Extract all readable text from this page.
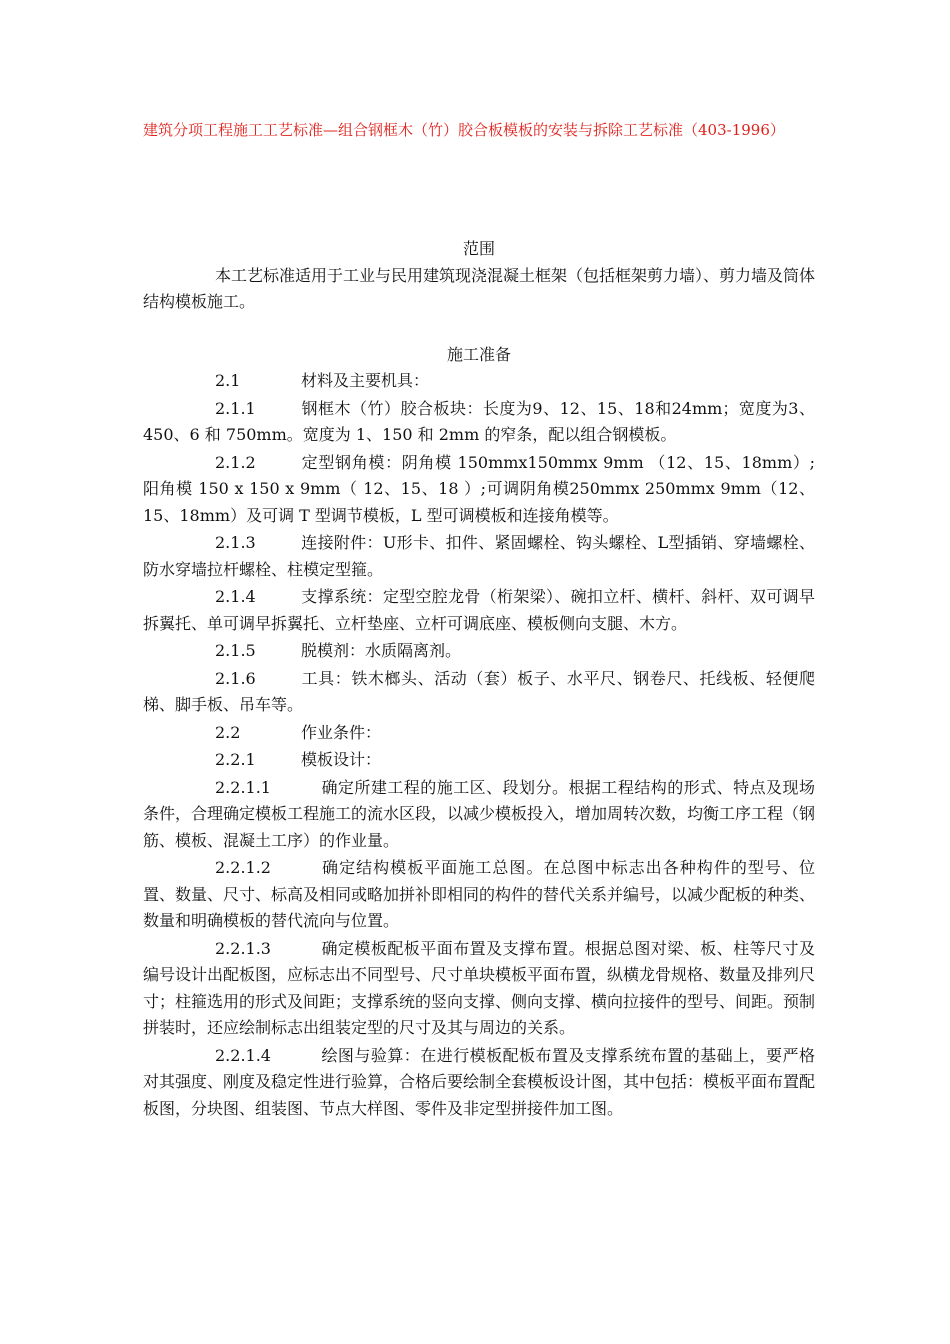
建筑分项工程施工工艺标准—组合钢框木（竹）胶合板模板的安装与拆除工艺标准（403-1996）

范围

本工艺标准适用于工业与民用建筑现浇混凝土框架（包括框架剪力墙）、剪力墙及筒体结构模板施工。

施工准备

2.1	材料及主要机具：

2.1.1	钢框木（竹）胶合板块：长度为9、12、15、18和24mm；宽度为3、450、6 和 750mm。宽度为 1、150 和 2mm 的窄条，配以组合钢模板。

2.1.2	定型钢角模：阴角模 150mmx150mmx 9mm （12、15、18mm）;阳角模 150 x 150 x 9mm（ 12、15、18 ）;可调阴角模250mmx 250mmx 9mm（12、15、18mm）及可调 T 型调节模板，L 型可调模板和连接角模等。

2.1.3	连接附件：U形卡、扣件、紧固螺栓、钩头螺栓、L型插销、穿墙螺栓、防水穿墙拉杆螺栓、柱模定型箍。

2.1.4	支撑系统：定型空腔龙骨（桁架梁）、碗扣立杆、横杆、斜杆、双可调早拆翼托、单可调早拆翼托、立杆垫座、立杆可调底座、模板侧向支腿、木方。

2.1.5	脱模剂：水质隔离剂。

2.1.6	工具：铁木榔头、活动（套）板子、水平尺、钢卷尺、托线板、轻便爬梯、脚手板、吊车等。

2.2	作业条件：

2.2.1	模板设计：

2.2.1.1	确定所建工程的施工区、段划分。根据工程结构的形式、特点及现场条件，合理确定模板工程施工的流水区段，以减少模板投入，增加周转次数，均衡工序工程（钢筋、模板、混凝土工序）的作业量。

2.2.1.2	确定结构模板平面施工总图。在总图中标志出各种构件的型号、位置、数量、尺寸、标高及相同或略加拼补即相同的构件的替代关系并编号，以减少配板的种类、数量和明确模板的替代流向与位置。

2.2.1.3	确定模板配板平面布置及支撑布置。根据总图对梁、板、柱等尺寸及编号设计出配板图，应标志出不同型号、尺寸单块模板平面布置，纵横龙骨规格、数量及排列尺寸；柱箍选用的形式及间距；支撑系统的竖向支撑、侧向支撑、横向拉接件的型号、间距。预制拼装时，还应绘制标志出组装定型的尺寸及其与周边的关系。

2.2.1.4	绘图与验算：在进行模板配板布置及支撑系统布置的基础上，要严格对其强度、刚度及稳定性进行验算，合格后要绘制全套模板设计图，其中包括：模板平面布置配板图，分块图、组装图、节点大样图、零件及非定型拼接件加工图。
